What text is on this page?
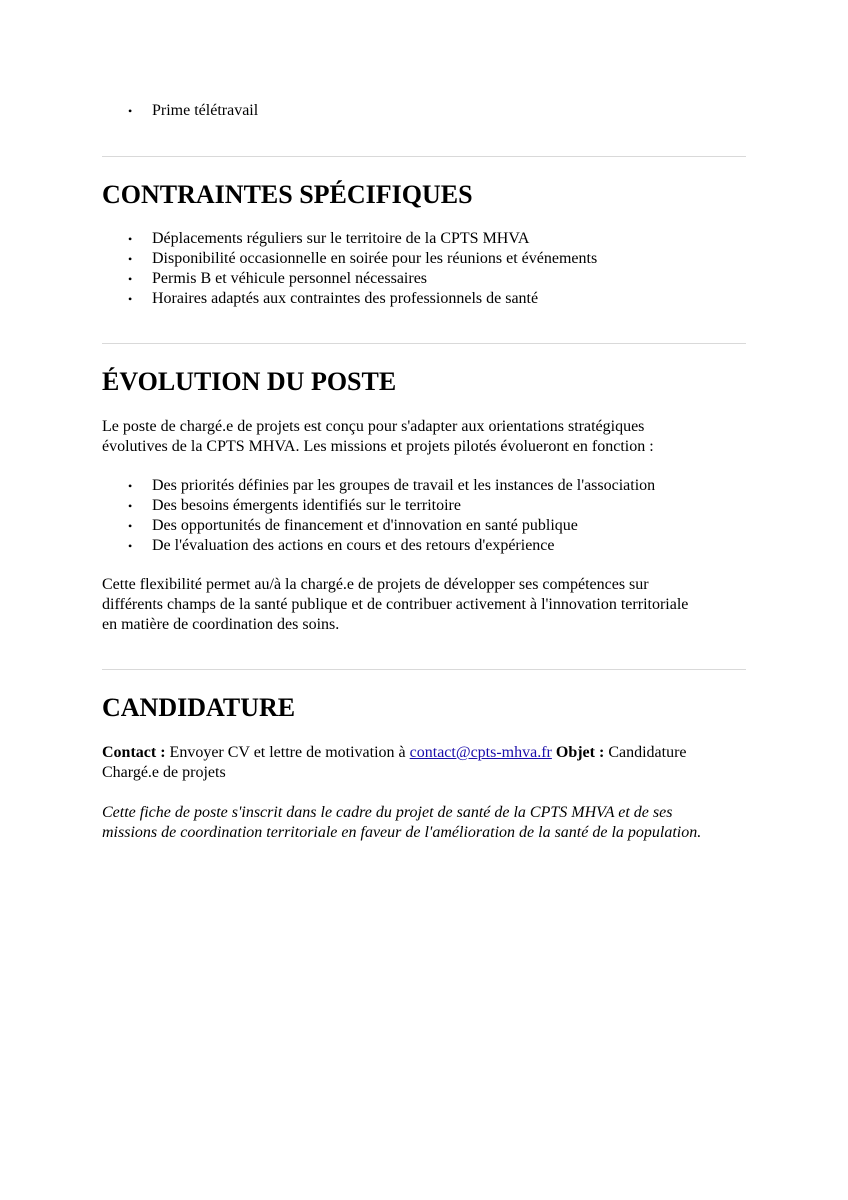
• Prime télétravail
CONTRAINTES SPÉCIFIQUES
• Déplacements réguliers sur le territoire de la CPTS MHVA
• Disponibilité occasionnelle en soirée pour les réunions et événements
• Permis B et véhicule personnel nécessaires
• Horaires adaptés aux contraintes des professionnels de santé
ÉVOLUTION DU POSTE

Le poste de chargé.e de projets est conçu pour s'adapter aux orientations stratégiques
évolutives de la CPTS MHVA. Les missions et projets pilotés évolueront en fonction :

• Des priorités définies par les groupes de travail et les instances de l'association
• Des besoins émergents identifiés sur le territoire
• Des opportunités de financement et d'innovation en santé publique
• De l'évaluation des actions en cours et des retours d'expérience

Cette flexibilité permet au/à la chargé.e de projets de développer ses compétences sur
différents champs de la santé publique et de contribuer activement à l'innovation territoriale
en matière de coordination des soins.

CANDIDATURE

Contact : Envoyer CV et lettre de motivation à contact@cpts-mhva.fr Objet : Candidature
Chargé.e de projets

Cette fiche de poste s'inscrit dans le cadre du projet de santé de la CPTS MHVA et de ses
missions de coordination territoriale en faveur de l'amélioration de la santé de la population.
